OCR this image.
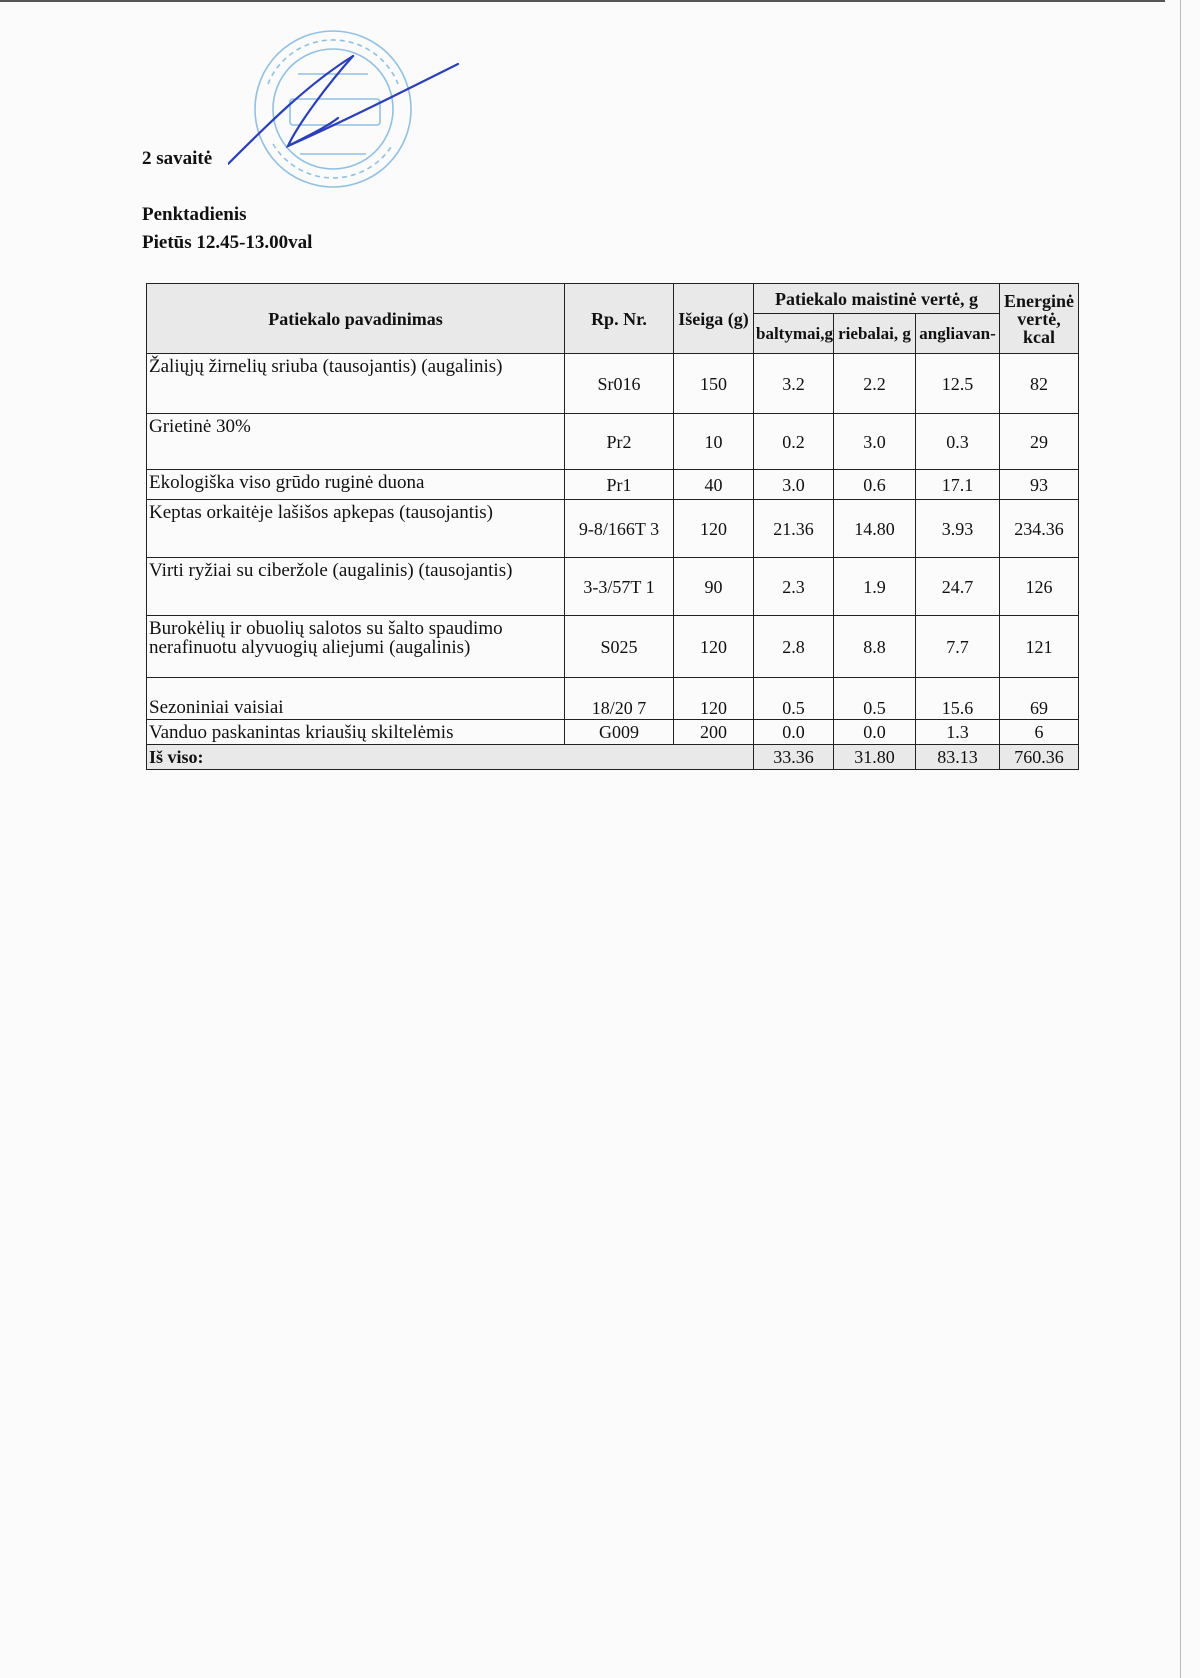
2 savaitė
Penktadienis
Pietūs 12.45-13.00val
Patiekalo pavadinimas	Rp. Nr.	Išeiga (g)	Patiekalo maistinė vertė, g			Energinė vertė, kcal
			baltymai,g	riebalai, g	angliavan-	
Žaliųjų žirnelių sriuba (tausojantis) (augalinis)	Sr016	150	3.2	2.2	12.5	82
Grietinė 30%	Pr2	10	0.2	3.0	0.3	29
Ekologiška viso grūdo ruginė duona	Pr1	40	3.0	0.6	17.1	93
Keptas orkaitėje lašišos apkepas (tausojantis)	9-8/166T 3	120	21.36	14.80	3.93	234.36
Virti ryžiai su ciberžole (augalinis) (tausojantis)	3-3/57T 1	90	2.3	1.9	24.7	126
Burokėlių ir obuolių salotos su šalto spaudimo nerafinuotu alyvuogių aliejumi (augalinis)	S025	120	2.8	8.8	7.7	121
Sezoniniai vaisiai	18/20 7	120	0.5	0.5	15.6	69
Vanduo paskanintas kriaušių skiltelėmis	G009	200	0.0	0.0	1.3	6
Iš viso:			33.36	31.80	83.13	760.36
